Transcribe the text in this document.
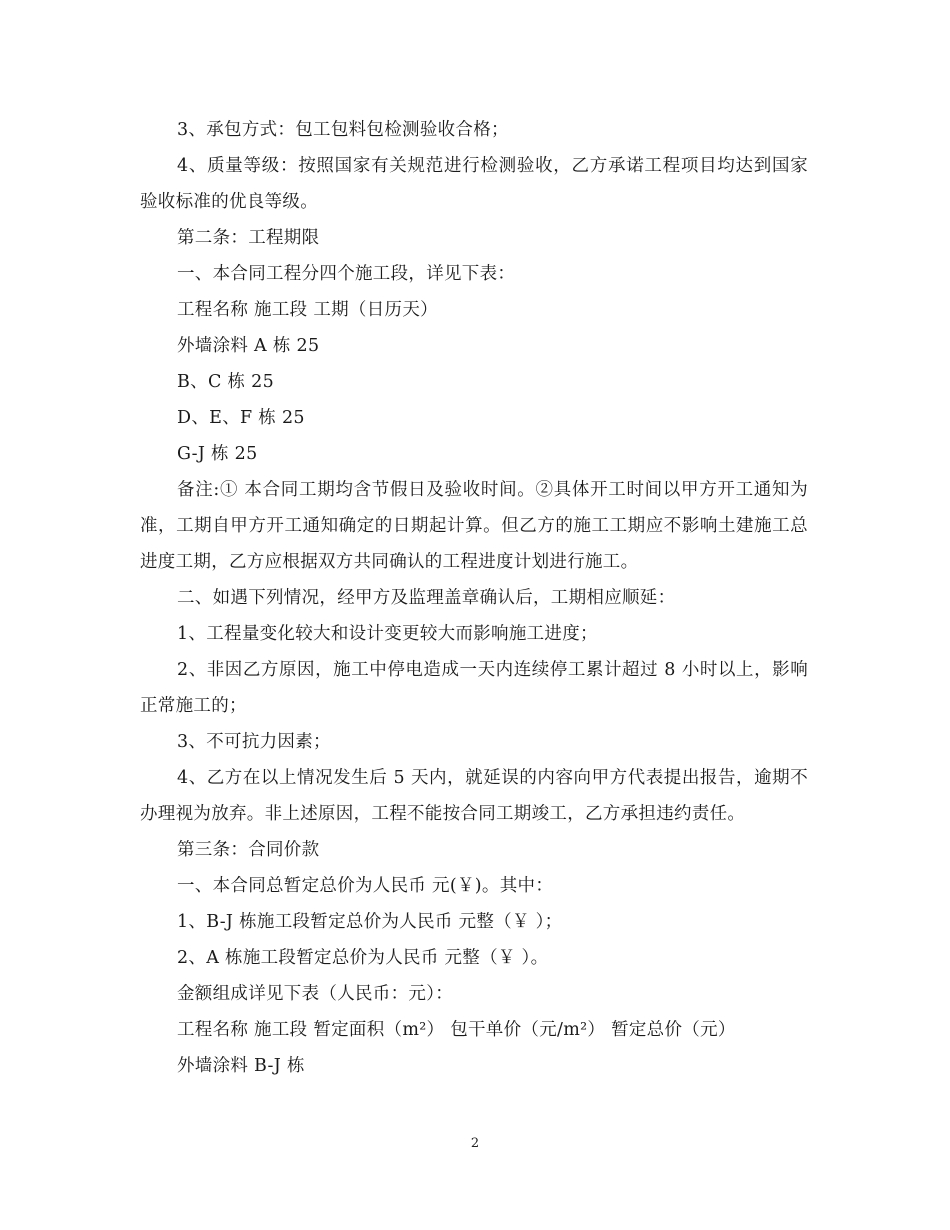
3、承包方式：包工包料包检测验收合格；

4、质量等级：按照国家有关规范进行检测验收，乙方承诺工程项目均达到国家验收标准的优良等级。

第二条：工程期限

一、本合同工程分四个施工段，详见下表：

工程名称 施工段 工期（日历天）

外墙涂料 A 栋 25

B、C 栋 25

D、E、F 栋 25

G-J 栋 25

备注:① 本合同工期均含节假日及验收时间。②具体开工时间以甲方开工通知为准，工期自甲方开工通知确定的日期起计算。但乙方的施工工期应不影响土建施工总进度工期，乙方应根据双方共同确认的工程进度计划进行施工。

二、如遇下列情况，经甲方及监理盖章确认后，工期相应顺延：

1、工程量变化较大和设计变更较大而影响施工进度；

2、非因乙方原因，施工中停电造成一天内连续停工累计超过 8 小时以上，影响正常施工的；

3、不可抗力因素；

4、乙方在以上情况发生后 5 天内，就延误的内容向甲方代表提出报告，逾期不办理视为放弃。非上述原因，工程不能按合同工期竣工，乙方承担违约责任。

第三条：合同价款

一、本合同总暂定总价为人民币 元(￥)。其中：

1、B-J 栋施工段暂定总价为人民币 元整（￥ ）；

2、A 栋施工段暂定总价为人民币 元整（￥ ）。

金额组成详见下表（人民币：元）：

工程名称 施工段 暂定面积（m²） 包干单价（元/m²） 暂定总价（元）

外墙涂料 B-J 栋

2
